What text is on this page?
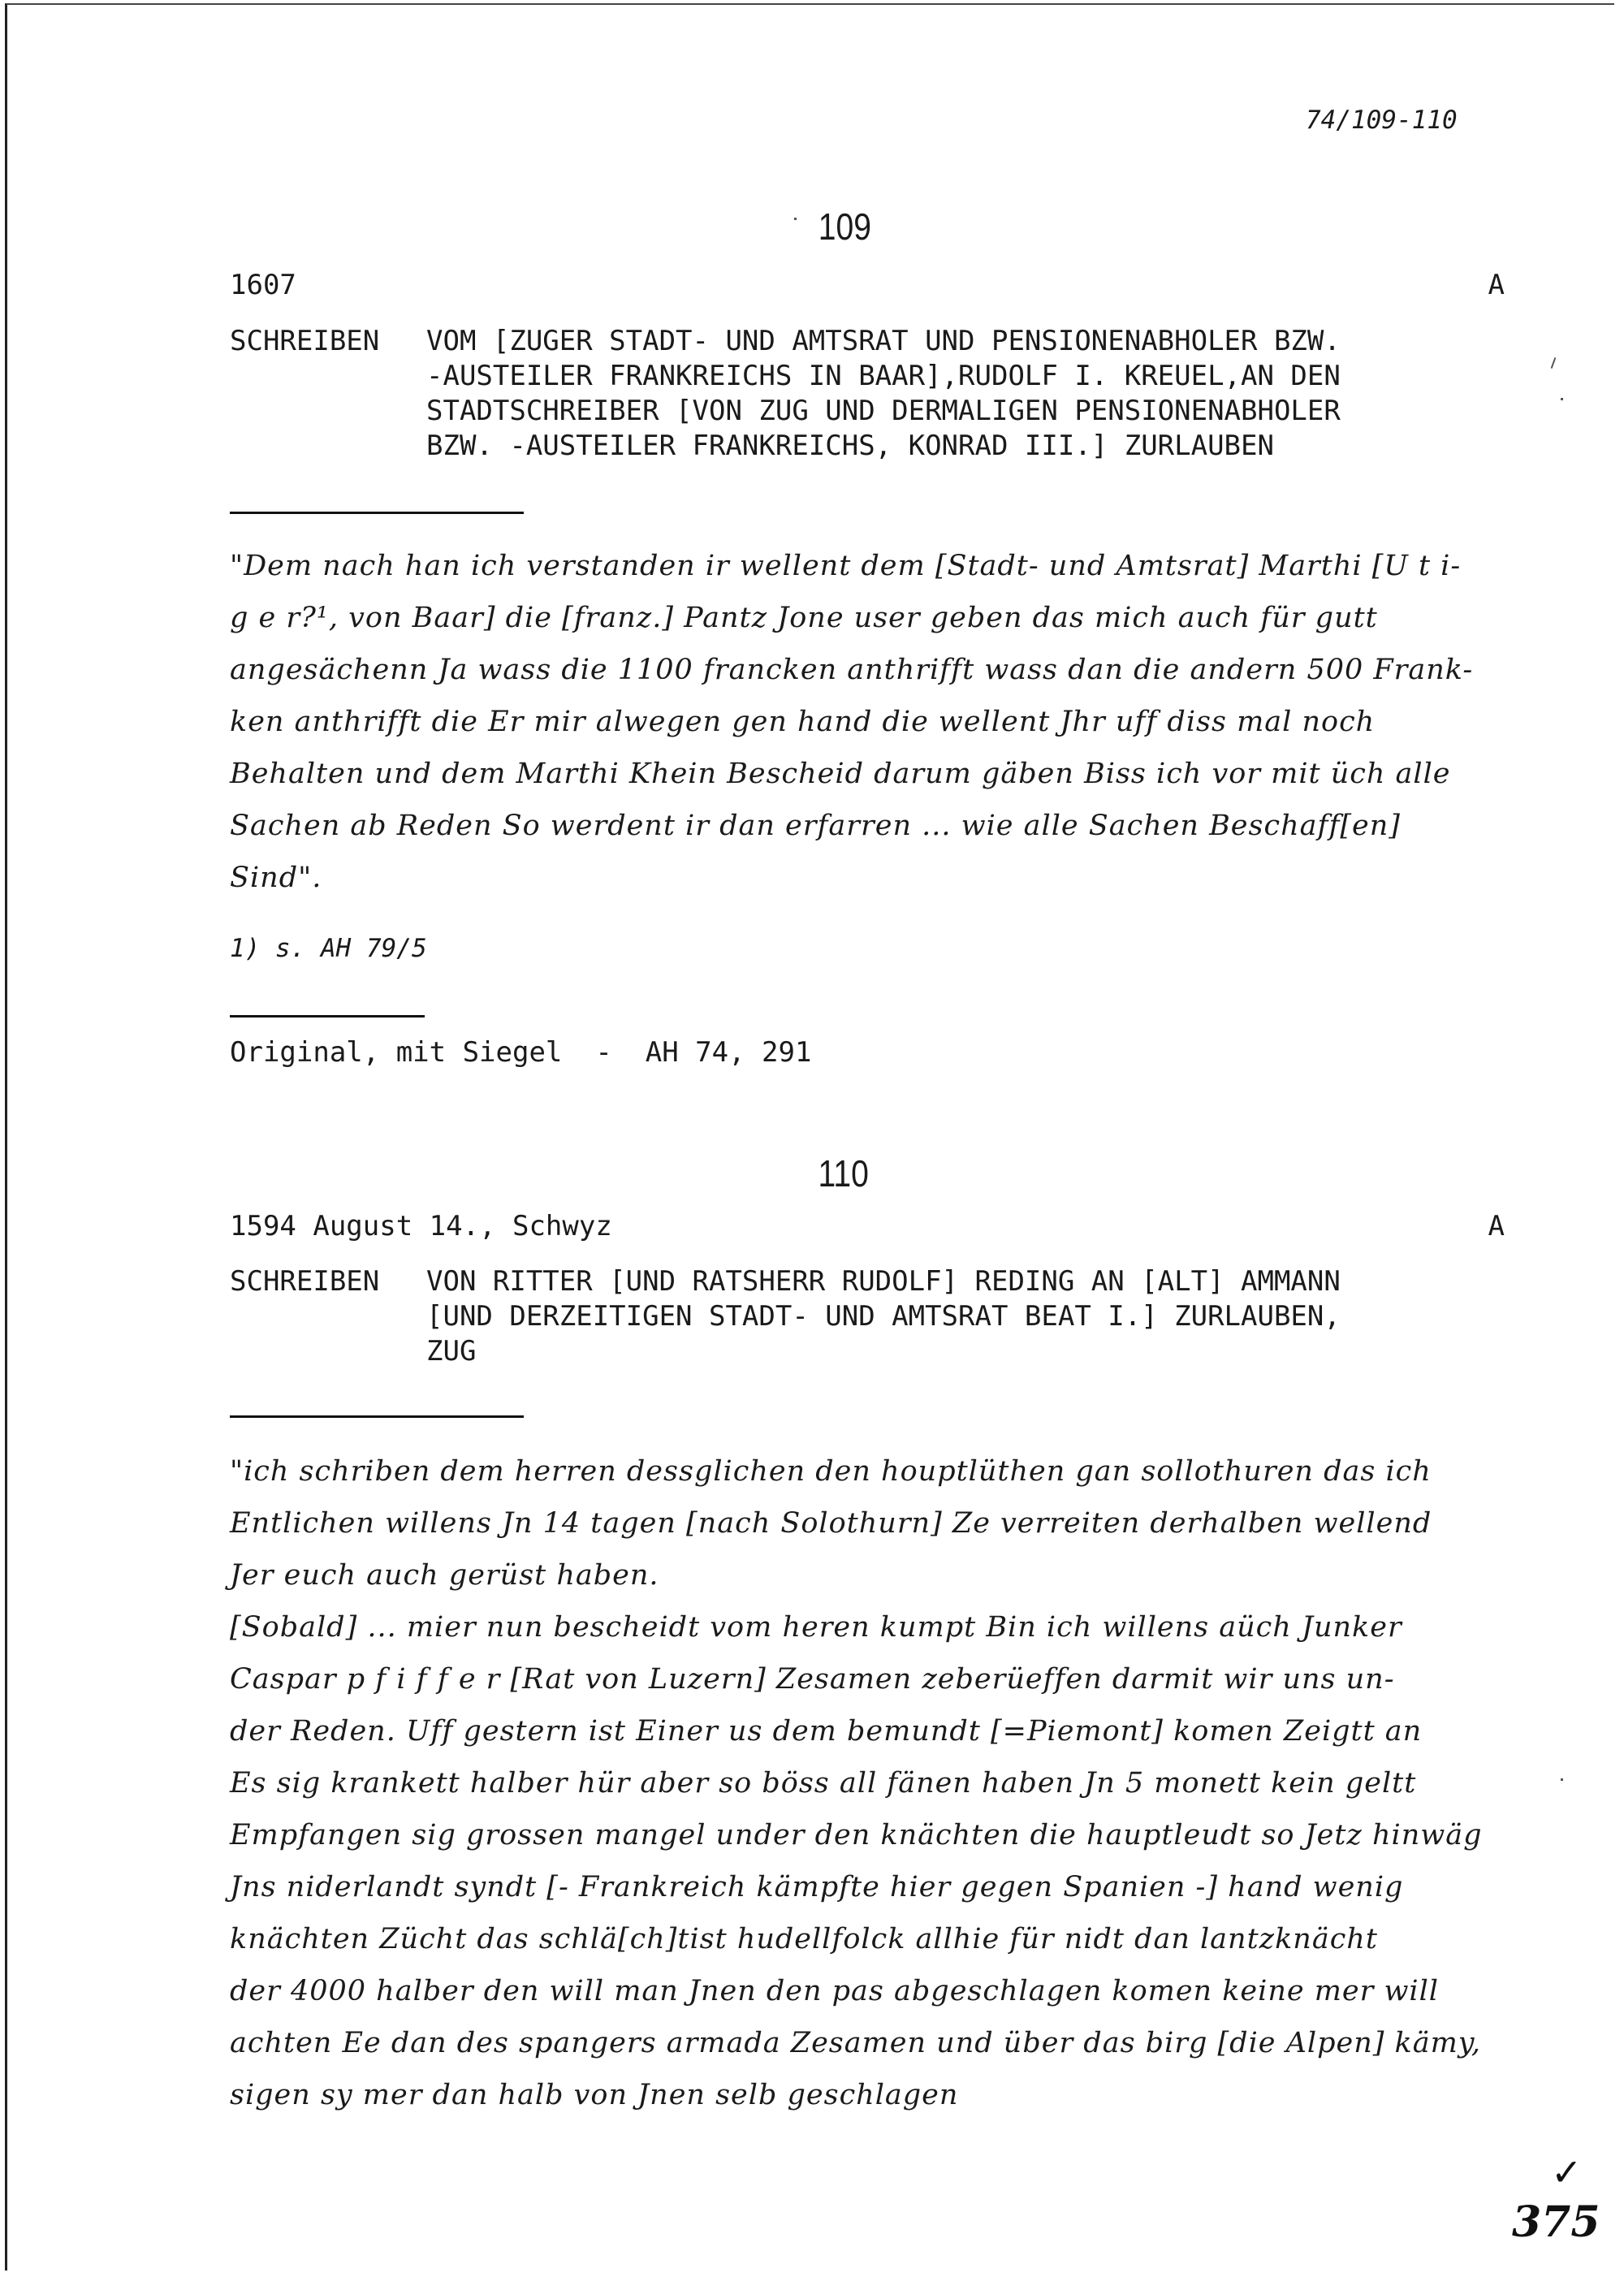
74/109-110
109
1607	A
SCHREIBEN VOM [ZUGER STADT- UND AMTSRAT UND PENSIONENABHOLER BZW.
-AUSTEILER FRANKREICHS IN BAAR],RUDOLF I. KREUEL,AN DEN
STADTSCHREIBER [VON ZUG UND DERMALIGEN PENSIONENABHOLER
BZW. -AUSTEILER FRANKREICHS, KONRAD III.] ZURLAUBEN

"Dem nach han ich verstanden ir wellent dem [Stadt- und Amtsrat] Marthi [U t i-

g e r?¹, von Baar] die [franz.] Pantz Jone user geben das mich auch für gutt

angesächenn Ja wass die 1100 francken anthrifft wass dan die andern 500 Frank-

ken anthrifft die Er mir alwegen gen hand die wellent Jhr uff diss mal noch

Behalten und dem Marthi Khein Bescheid darum gäben Biss ich vor mit üch alle

Sachen ab Reden So werdent ir dan erfarren ... wie alle Sachen Beschaff[en]

Sind".

1) s. AH 79/5
Original, mit Siegel  -  AH 74, 291
110
1594 August 14., Schwyz	A
SCHREIBEN VON RITTER [UND RATSHERR RUDOLF] REDING AN [ALT] AMMANN
[UND DERZEITIGEN STADT- UND AMTSRAT BEAT I.] ZURLAUBEN,
ZUG

"ich schriben dem herren dessglichen den houptlüthen gan sollothuren das ich

Entlichen willens Jn 14 tagen [nach Solothurn] Ze verreiten derhalben wellend

Jer euch auch gerüst haben.

[Sobald] ... mier nun bescheidt vom heren kumpt Bin ich willens aüch Junker

Caspar p f i f f e r [Rat von Luzern] Zesamen zeberüeffen darmit wir uns un-

der Reden. Uff gestern ist Einer us dem bemundt [=Piemont] komen Zeigtt an

Es sig krankett halber hür aber so böss all fänen haben Jn 5 monett kein geltt

Empfangen sig grossen mangel under den knächten die hauptleudt so Jetz hinwäg

Jns niderlandt syndt [- Frankreich kämpfte hier gegen Spanien -] hand wenig

knächten Zücht das schlä[ch]tist hudellfolck allhie für nidt dan lantzknächt

der 4000 halber den will man Jnen den pas abgeschlagen komen keine mer will

achten Ee dan des spangers armada Zesamen und über das birg [die Alpen] kämy,

sigen sy mer dan halb von Jnen selb geschlagen

✓
375
